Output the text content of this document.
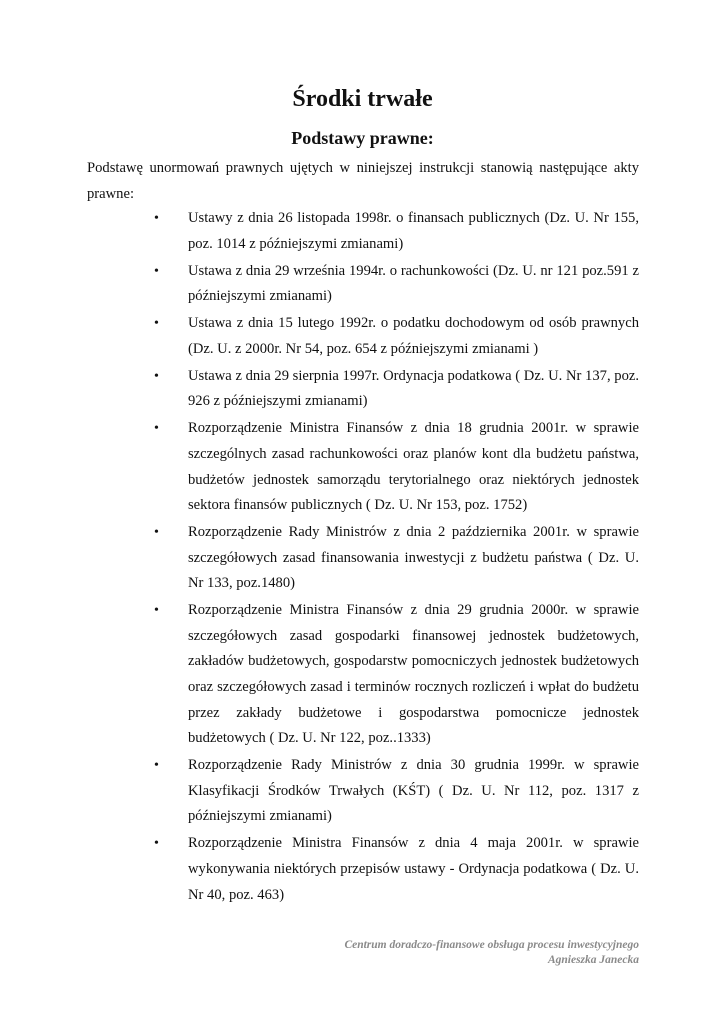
Środki trwałe
Podstawy prawne:

Podstawę unormowań prawnych ujętych w niniejszej instrukcji stanowią następujące akty prawne:

• Ustawy z dnia 26 listopada 1998r. o finansach publicznych (Dz. U. Nr 155, poz. 1014 z późniejszymi zmianami)
• Ustawa z dnia 29 września 1994r. o rachunkowości (Dz. U. nr 121 poz.591 z późniejszymi zmianami)
• Ustawa z dnia 15 lutego 1992r. o podatku dochodowym od osób prawnych (Dz. U. z 2000r. Nr 54, poz. 654 z późniejszymi zmianami )
• Ustawa z dnia 29 sierpnia 1997r. Ordynacja podatkowa ( Dz. U. Nr 137, poz. 926 z późniejszymi zmianami)
• Rozporządzenie Ministra Finansów z dnia 18 grudnia 2001r. w sprawie szczególnych zasad rachunkowości oraz planów kont dla budżetu państwa, budżetów jednostek samorządu terytorialnego oraz niektórych jednostek sektora finansów publicznych ( Dz. U. Nr 153, poz. 1752)
• Rozporządzenie Rady Ministrów z dnia 2 października 2001r. w sprawie szczegółowych zasad finansowania inwestycji z budżetu państwa ( Dz. U. Nr 133, poz.1480)
• Rozporządzenie Ministra Finansów z dnia 29 grudnia 2000r. w sprawie szczegółowych zasad gospodarki finansowej jednostek budżetowych, zakładów budżetowych, gospodarstw pomocniczych jednostek budżetowych oraz szczegółowych zasad i terminów rocznych rozliczeń i wpłat do budżetu przez zakłady budżetowe i gospodarstwa pomocnicze jednostek budżetowych ( Dz. U. Nr 122, poz..1333)
• Rozporządzenie Rady Ministrów z dnia 30 grudnia 1999r. w sprawie Klasyfikacji Środków Trwałych (KŚT) ( Dz. U. Nr 112, poz. 1317 z późniejszymi zmianami)
• Rozporządzenie Ministra Finansów z dnia 4 maja 2001r. w sprawie wykonywania niektórych przepisów ustawy - Ordynacja podatkowa ( Dz. U. Nr 40, poz. 463)
Centrum doradczo-finansowe obsługa procesu inwestycyjnego
Agnieszka Janecka
